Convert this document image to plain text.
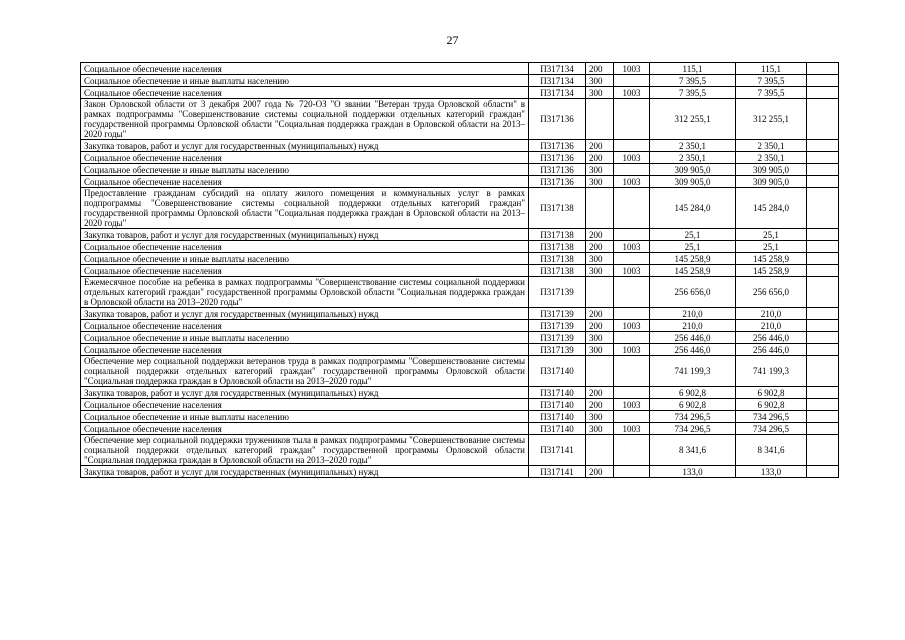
27
Социальное обеспечение населения	П317134	200	1003	115,1	115,1	
Социальное обеспечение и иные выплаты населению	П317134	300		7 395,5	7 395,5	
Социальное обеспечение населения	П317134	300	1003	7 395,5	7 395,5	
Закон Орловской области от 3 декабря 2007 года № 720-ОЗ "О звании "Ветеран труда Орловской области" в рамках подпрограммы "Совершенствование системы социальной поддержки отдельных категорий граждан" государственной программы Орловской области "Социальная поддержка граждан в Орловской области на 2013–2020 годы"	П317136			312 255,1	312 255,1	
Закупка товаров, работ и услуг для государственных (муниципальных) нужд	П317136	200		2 350,1	2 350,1	
Социальное обеспечение населения	П317136	200	1003	2 350,1	2 350,1	
Социальное обеспечение и иные выплаты населению	П317136	300		309 905,0	309 905,0	
Социальное обеспечение населения	П317136	300	1003	309 905,0	309 905,0	
Предоставление гражданам субсидий на оплату жилого помещения и коммунальных услуг в рамках подпрограммы "Совершенствование системы социальной поддержки отдельных категорий граждан" государственной программы Орловской области "Социальная поддержка граждан в Орловской области на 2013–2020 годы"	П317138			145 284,0	145 284,0	
Закупка товаров, работ и услуг для государственных (муниципальных) нужд	П317138	200		25,1	25,1	
Социальное обеспечение населения	П317138	200	1003	25,1	25,1	
Социальное обеспечение и иные выплаты населению	П317138	300		145 258,9	145 258,9	
Социальное обеспечение населения	П317138	300	1003	145 258,9	145 258,9	
Ежемесячное пособие на ребенка в рамках подпрограммы "Совершенствование системы социальной поддержки отдельных категорий граждан" государственной программы Орловской области "Социальная поддержка граждан в Орловской области на 2013–2020 годы"	П317139			256 656,0	256 656,0	
Закупка товаров, работ и услуг для государственных (муниципальных) нужд	П317139	200		210,0	210,0	
Социальное обеспечение населения	П317139	200	1003	210,0	210,0	
Социальное обеспечение и иные выплаты населению	П317139	300		256 446,0	256 446,0	
Социальное обеспечение населения	П317139	300	1003	256 446,0	256 446,0	
Обеспечение мер социальной поддержки ветеранов труда в рамках подпрограммы "Совершенствование системы социальной поддержки отдельных категорий граждан" государственной программы Орловской области "Социальная поддержка граждан в Орловской области на 2013–2020 годы"	П317140			741 199,3	741 199,3	
Закупка товаров, работ и услуг для государственных (муниципальных) нужд	П317140	200		6 902,8	6 902,8	
Социальное обеспечение населения	П317140	200	1003	6 902,8	6 902,8	
Социальное обеспечение и иные выплаты населению	П317140	300		734 296,5	734 296,5	
Социальное обеспечение населения	П317140	300	1003	734 296,5	734 296,5	
Обеспечение мер социальной поддержки тружеников тыла в рамках подпрограммы "Совершенствование системы социальной поддержки отдельных категорий граждан" государственной программы Орловской области "Социальная поддержка граждан в Орловской области на 2013–2020 годы"	П317141			8 341,6	8 341,6	
Закупка товаров, работ и услуг для государственных (муниципальных) нужд	П317141	200		133,0	133,0	
